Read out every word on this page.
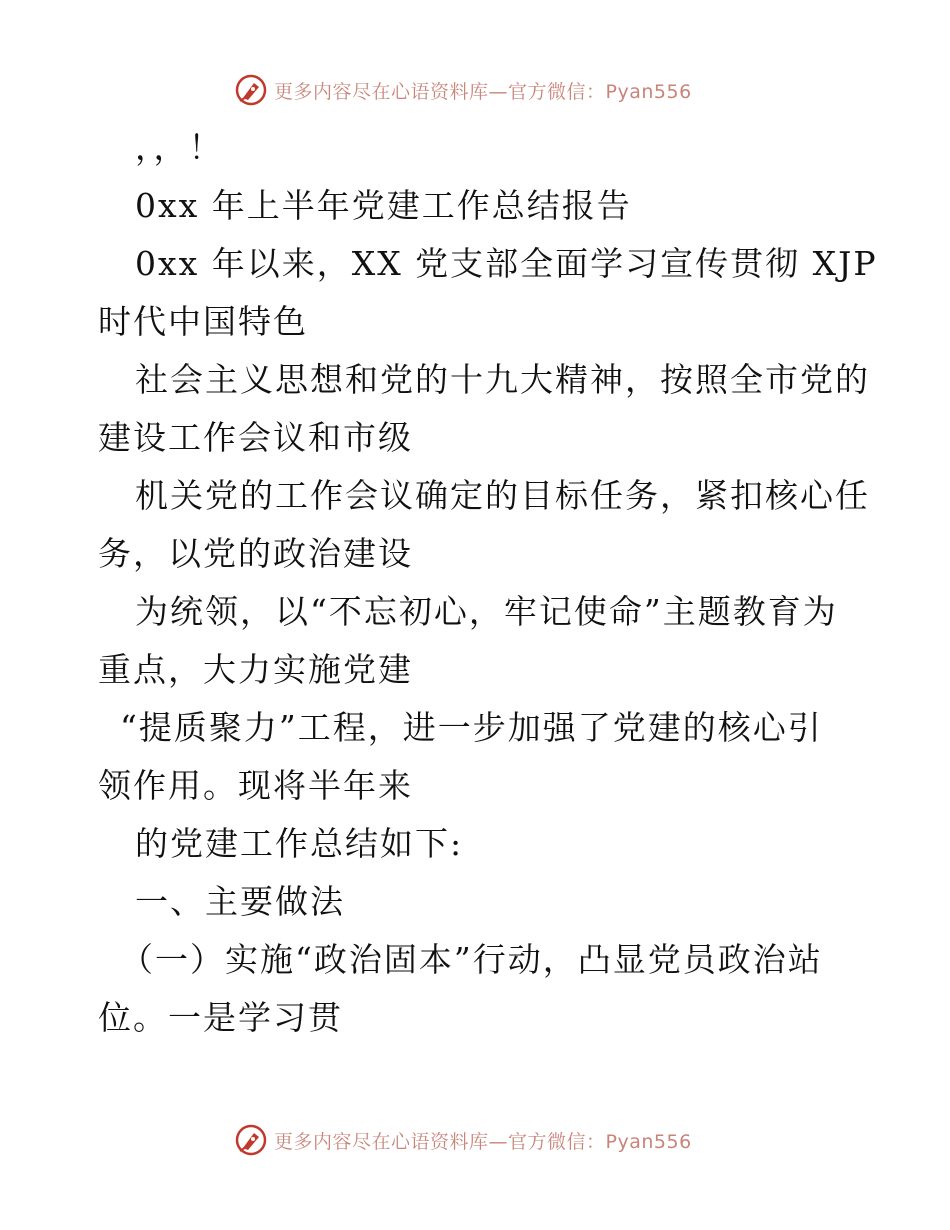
更多内容尽在心语资料库—官方微信：Pyan556
，，！
0xx 年上半年党建工作总结报告
0xx 年以来，XX 党支部全面学习宣传贯彻 XJP
时代中国特色
社会主义思想和党的十九大精神，按照全市党的
建设工作会议和市级
机关党的工作会议确定的目标任务，紧扣核心任
务，以党的政治建设
为统领，以“不忘初心，牢记使命”主题教育为
重点，大力实施党建
“提质聚力”工程，进一步加强了党建的核心引
领作用。现将半年来
的党建工作总结如下:
一、主要做法
（一）实施“政治固本”行动，凸显党员政治站
位。一是学习贯
更多内容尽在心语资料库—官方微信：Pyan556
